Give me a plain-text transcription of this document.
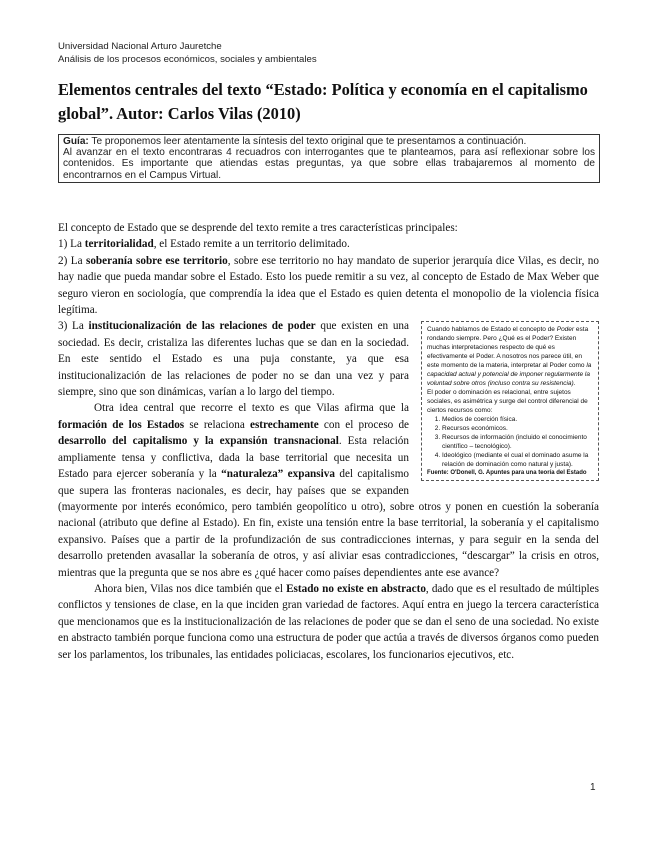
Universidad Nacional Arturo Jauretche
Análisis de los procesos económicos, sociales y ambientales
Elementos centrales del texto “Estado: Política y economía en el capitalismo global”. Autor: Carlos Vilas (2010)

Guía: Te proponemos leer atentamente la síntesis del texto original que te presentamos a continuación.

Al avanzar en el texto encontraras 4 recuadros con interrogantes que te planteamos, para así reflexionar sobre los contenidos. Es importante que atiendas estas preguntas, ya que sobre ellas trabajaremos al momento de encontrarnos en el Campus Virtual.

El concepto de Estado que se desprende del texto remite a tres características principales:

1) La territorialidad, el Estado remite a un territorio delimitado.

2) La soberanía sobre ese territorio, sobre ese territorio no hay mandato de superior jerarquía dice Vilas, es decir, no hay nadie que pueda mandar sobre el Estado. Esto los puede remitir a su vez, al concepto de Estado de Max Weber que seguro vieron en sociología, que comprendía la idea que el Estado es quien detenta el monopolio de la violencia física legítima.

Cuando hablamos de Estado el concepto de Poder esta rondando siempre. Pero ¿Qué es el Poder? Existen muchas interpretaciones respecto de qué es efectivamente el Poder. A nosotros nos parece útil, en este momento de la materia, interpretar al Poder como la capacidad actual y potencial de imponer regularmente la voluntad sobre otros (incluso contra su resistencia).

El poder o dominación es relacional, entre sujetos sociales, es asimétrica y surge del control diferencial de ciertos recursos como:

1. Medios de coerción física.
2. Recursos económicos.
3. Recursos de información (incluido el conocimiento científico – tecnológico).
4. Ideológico (mediante el cual el dominado asume la relación de dominación como natural y justa).

Fuente: O'Donell, G. Apuntes para una teoría del Estado

3) La institucionalización de las relaciones de poder que existen en una sociedad. Es decir, cristaliza las diferentes luchas que se dan en la sociedad. En este sentido el Estado es una puja constante, ya que esa institucionalización de las relaciones de poder no se dan una vez y para siempre, sino que son dinámicas, varían a lo largo del tiempo.

Otra idea central que recorre el texto es que Vilas afirma que la formación de los Estados se relaciona estrechamente con el proceso de desarrollo del capitalismo y la expansión transnacional. Esta relación ampliamente tensa y conflictiva, dada la base territorial que necesita un Estado para ejercer soberanía y la “naturaleza” expansiva del capitalismo que supera las fronteras nacionales, es decir, hay países que se expanden (mayormente por interés económico, pero también geopolítico u otro), sobre otros y ponen en cuestión la soberanía nacional (atributo que define al Estado). En fin, existe una tensión entre la base territorial, la soberanía y el capitalismo expansivo. Países que a partir de la profundización de sus contradicciones internas, y para seguir en la senda del desarrollo pretenden avasallar la soberanía de otros, y así aliviar esas contradicciones, “descargar” la crisis en otros, mientras que la pregunta que se nos abre es ¿qué hacer como países dependientes ante ese avance?

Ahora bien, Vilas nos dice también que el Estado no existe en abstracto, dado que es el resultado de múltiples conflictos y tensiones de clase, en la que inciden gran variedad de factores. Aquí entra en juego la tercera característica que mencionamos que es la institucionalización de las relaciones de poder que se dan el seno de una sociedad. No existe en abstracto también porque funciona como una estructura de poder que actúa a través de diversos órganos como pueden ser los parlamentos, los tribunales, las entidades policiacas, escolares, los funcionarios ejecutivos, etc.

1
